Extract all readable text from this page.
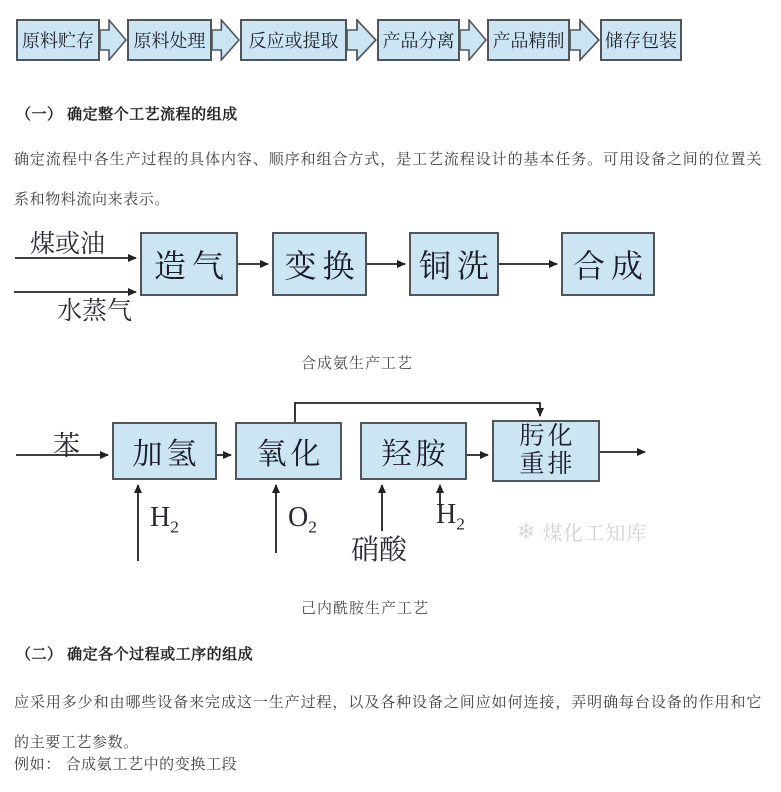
原料贮存	原料处理	反应或提取	产品分离	产品精制	储存包装
（一） 确定整个工艺流程的组成
确定流程中各生产过程的具体内容、顺序和组合方式，是工艺流程设计的基本任务。可用设备之间的位置关系和物料流向来表示。
煤或油
水蒸气
造气	变换	铜洗	合成
合成氨生产工艺
苯	加氢	氧化	羟胺
肟化
重排
$H_2$	$O_2$
硝酸
$H_2$ ❄ 煤化工知库
己内酰胺生产工艺
（二） 确定各个过程或工序的组成
应采用多少和由哪些设备来完成这一生产过程，以及各种设备之间应如何连接，弄明确每台设备的作用和它的主要工艺参数。
例如： 合成氨工艺中的变换工段
